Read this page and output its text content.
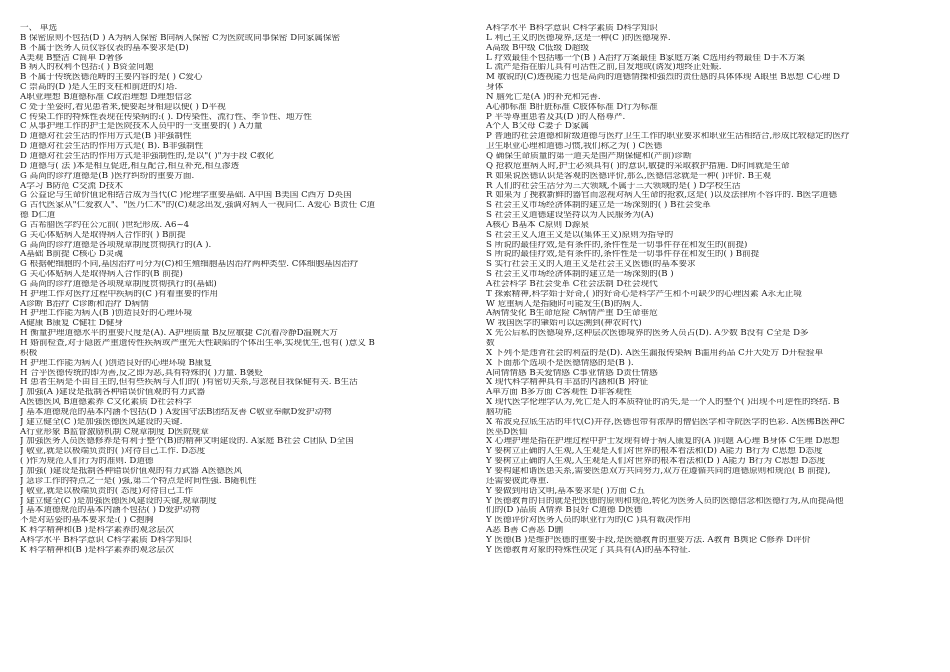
一、 单选
B 保密原则不包括(D ) A为病人保密 B向病人保密 C为医院或同事保密 D向家属保密
B 不属于医务人员仪容仪表的基本要求是(D)
A美观 B整洁 C简单 D奢侈
B 病人的权利不包括:( ) B资金问题
B 不属于传统医德范畴的主要内容的是( ) C爱心
C 崇高的(D )是人生的支柱和前进的灯塔.
A职业理想 B道德标准 C政治理想 D理想信念
C 处于坐姿时,看见患者来,便要起身相迎以便( ) D平视
C 传染工作的特殊性表现在传染病的:( ). D传染性、流行性、季节性、地方性
C 从事护理工作的护士是医院技术人员中的一支重要的( ) A力量
D 道德对社会生活的作用方式是(B )非强制性
D 道德对社会生活的作用方式是( B). B非强制性
D 道德对社会生活的作用方式是非强制性的,是以"( )"为手段 C教化
D 道德与( 法 )本是相互促进,相互配合,相互补充,相互渗透
G 高尚的诊疗道德是(B )医疗纠纷的重要方面.
A学习 B防范 C交流 D技术
G 公益论与生命价值论相结合成为当代(C )伦理学重要基础. A中国 B美国 C西方 D英国
G 古代医家从"仁爱救人"、"医乃仁术"的(C)观念出发,强调对病人一视同仁. A爱心 B责任 C道
德 D仁道
G 古希腊医学约在公元前( )世纪形成. A6~4
G 关心体贴病人是取得病人合作的( ) B前提
G 高尚的诊疗道德是各项规章制度贯彻执行的(A ).
A基础 B前提 C核心 D灵魂
G 根据靶细胞的不同,基因治疗可分为(C)和生殖细胞基因治疗两种类型. C体细胞基因治疗
G 关心体贴病人是取得病人合作的(B 前提)
G 高尚的诊疗道德是各项规章制度贯彻执行的(基础)
H 护理工作对医疗过程中疾病的(C )有着重要的作用
A诊断 B治疗 C诊断和治疗 D病情
H 护理工作能为病人(B )创造良好的心理环境
A健康 B康复 C健壮 D健身
H 衡量护理道德水平的重要尺度是(A). A护理质量 B反应敏捷 C沉着冷静D温婉大方
H 婚前检查,对于隐匿严重遗传性疾病或严重先天性缺陷的个体出生率,实现优生,也有( )意义 B
积极
H 护理工作能为病人( )创造良好的心理环境 B康复
H 合乎医德传统的即为善,反之即为恶,具有特殊的( )力量. B褒贬
H 患者生病是不由自主的,但有些疾病与人们的( )有密切关系,与忽视自我保健有关. B生活
J 加强(A )建设是抵制各种错误价值观的有力武器
A医德医风 B道德素养 C文化素质 D社会科学
J 基本道德规范的基本内涵不包括(D ) A爱国守法B团结友善 C敬业奉献D爱护动物
J 建立健全(C )是加强医德医风建设的关键.
A行业形象 B监督激励机制 C规章制度 D医院规章
J 加强医务人员医德修养是有利于整个(B)的精神文明建设的. A家庭 B社会 C团队 D全国
J 敬业,就是以极端负责的( )对待自己工作. D态度
( )作为规范人们行为的准则. D道德
J 加强( )建设是抵制各种错误价值观的有力武器 A医德医风
J 急诊工作的特点之一是( )强,第二个特点是时间性强. B随机性
J 敬业,就是以极端负责的( 态度)对待自己工作
J 建立健全(C )是加强医德医风建设的关键,规章制度
J 基本道德规范的基本内涵不包括( ) D爱护动物
不是对站姿的基本要求是:( ) C抱胸
K 科学精神和(B )是科学素养的观念层次
A科学水平 B科学意识 C科学素质 D科学知识
K 科学精神和(B )是科学素养的观念层次
A科学水平 B科学意识 C科学素质 D科学知识
L 利己主义的医德境界,这是一种(C )的医德境界.
A高级 B中级 C低级 D超级
L 疗效最佳不包括哪一个(B ) A治疗方案最佳 B家庭方案 C选用药物最佳 D手术方案
L 流产是指在胎儿具有可活性之前,自发地或(诱发)地终止妊娠.
M 敏锐的(C)透视能力也是高尚的道德情操和强烈的责任感的具体体现 A眼里 B思想 C心理 D
身体
N 脑死亡是(A )的补充和完善.
A心肺标准 B肝脏标准 C肢体标准 D行为标准
P 平等尊重患者及其(D )的人格尊严.
A个人 B父母 C妻子 D家属
P 普通的社会道德和阶级道德与医疗卫生工作的职业要求和职业生活相结合,形成比较稳定的医疗
卫生职业心理和道德习惯,我们称之为( ) C医德
Q 确保生命质量的第一道关是围产期保健和(产前)诊断
Q 抢救危重病人时,护士必须具有( )的意识,敏捷的采取救护措施. D时间就是生命
R 如果说医德认识是客观的医德评价,那么,医德信念就是一种( )评价. B主观
R 人们的社会生活分为三大领域,不属于三大领域的是( ) D学校生活
R 如果为了挽救新鲜的器官而忽视对病人生命的抢救,这是( )以及法律所不容许的. B医学道德
S 社会主义市场经济体制的建立是一场深刻的( ) B社会变革
S 社会主义道德建设坚持以为人民服务为(A)
A核心 B基本 C原则 D源泉
S 社会主义人道主义是以(集体主义)原则为指导的
S 所说的最佳疗效,是有条件的,条件性是一切事件存在和发生的(前提)
S 所说的最佳疗效,是有条件的,条件性是一切事件存在和发生的( ) B前提
S 实行社会主义的人道主义是社会主义医德(的基本要求
S 社会主义市场经济体制的建立是一场深刻的(B )
A社会科学 B社会变革 C社会法制 D社会现代
T 探索精神,科学始于好奇,( )的好奇心是科学产生和不可缺少的心理因素 A永无止境
W 危重病人是指随时可能发生(B)的病人.
A病情变化 B生命危险 C病情严重 D生命垂危
W 我国医学的肇始可以远溯到(神农时代)
X 先公后私的医德境界,这种层次医德境界的医务人员占(D). A少数 B没有 C全是 D多
数
X 下列不是违背社会的利益的是(D). A医生漏报传染病 B滥用药品 C开大处方 D开检验单
X 下面那个选项不是医德情感的是(B ).
A同情情感 B关爱情感 C事业情感 D责任情感
X 现代科学精神具有丰富的内涵和(B )特征
A单方面 B多方面 C客观性 D非客观性
X 现代医学伦理学认为,死亡是人的本质特征的消失,是一个人的整个( )出现不可逆性的终结. B
脑功能
X 希波克拉底生活的年代(C)并存,医德也带有浓厚的僧侣医学和寺院医学的色彩. A医佛B医神C
医巫D医仙
X 心理护理是指在护理过程中护士发现有碍于病人康复的(A )问题 A心理 B身体 C生理 D思想
Y 要树立正确的人生观,人生观是人们对世界的根本看法和(D) A能力 B行为 C思想 D态度
Y 要树立正确的人生观,人生观是人们对世界的根本看法和(D ) A能力 B行为 C思想 D态度
Y 要构建和谐医患关系,需要医患双方共同努力,双方在遵循共同的道德原则和规范( B 前提),
还需要彼此尊重.
Y 要做到用语文明,基本要求是( )方面 C五
Y 医德教育的目的就是把医德的原则和规范,转化为医务人员的医德信念和医德行为,从而提高他
们的(D )品质 A情养 B良好 C道德 D医德
Y 医德评价对医务人员的职业行为的(C )具有裁决作用
A恶 B善 C善恶 D删
Y 医德(B )是维护医德的重要手段,是医德教育的重要方法. A教育 B舆论 C修养 D评价
Y 医德教育对象的特殊性决定了其具有(A)的基本特征.
